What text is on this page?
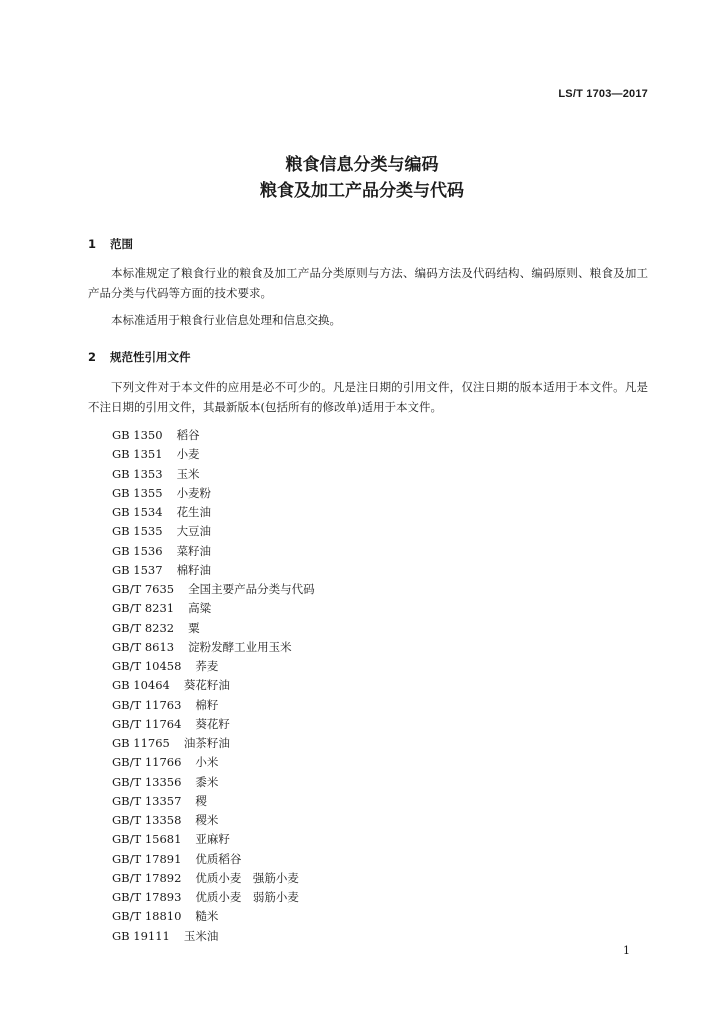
LS/T 1703—2017
粮食信息分类与编码
粮食及加工产品分类与代码
1 范围

本标准规定了粮食行业的粮食及加工产品分类原则与方法、编码方法及代码结构、编码原则、粮食及加工产品分类与代码等方面的技术要求。

本标准适用于粮食行业信息处理和信息交换。

2 规范性引用文件

下列文件对于本文件的应用是必不可少的。凡是注日期的引用文件，仅注日期的版本适用于本文件。凡是不注日期的引用文件，其最新版本(包括所有的修改单)适用于本文件。

GB 1350 稻谷
GB 1351 小麦
GB 1353 玉米
GB 1355 小麦粉
GB 1534 花生油
GB 1535 大豆油
GB 1536 菜籽油
GB 1537 棉籽油
GB/T 7635 全国主要产品分类与代码
GB/T 8231 高粱
GB/T 8232 粟
GB/T 8613 淀粉发酵工业用玉米
GB/T 10458 荞麦
GB 10464 葵花籽油
GB/T 11763 棉籽
GB/T 11764 葵花籽
GB 11765 油茶籽油
GB/T 11766 小米
GB/T 13356 黍米
GB/T 13357 稷
GB/T 13358 稷米
GB/T 15681 亚麻籽
GB/T 17891 优质稻谷
GB/T 17892 优质小麦　强筋小麦
GB/T 17893 优质小麦　弱筋小麦
GB/T 18810 糙米
GB 19111 玉米油
1
